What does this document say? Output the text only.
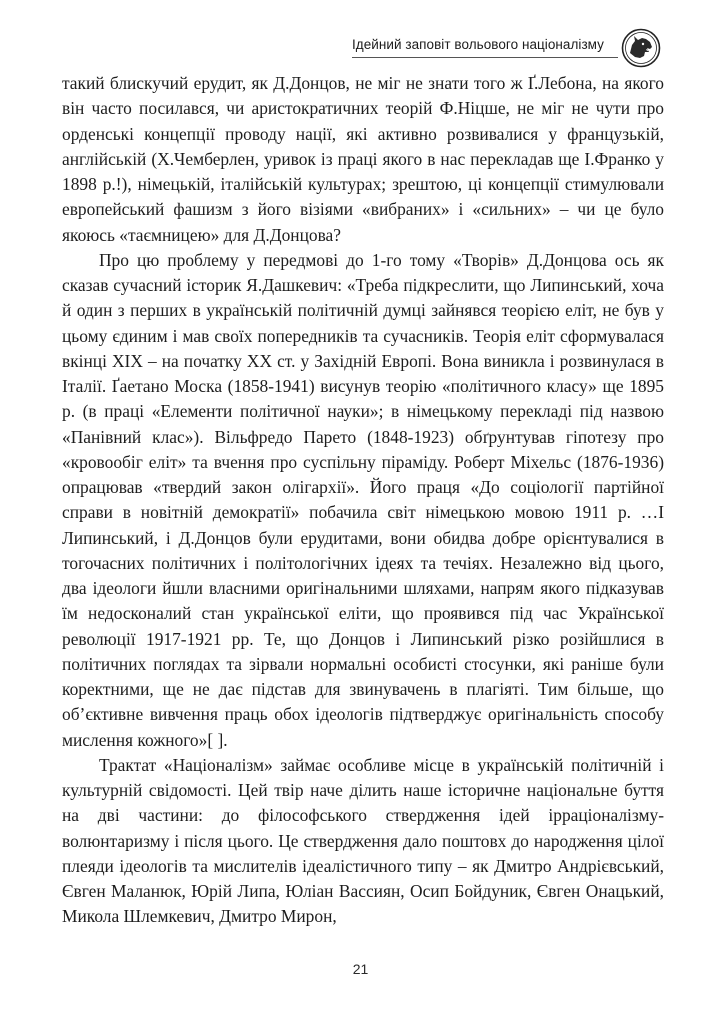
Ідейний заповіт вольового націоналізму

такий блискучий ерудит, як Д.Донцов, не міг не знати того ж Ґ.Лебона, на якого він часто посилався, чи аристократичних теорій Ф.Ніцше, не міг не чути про орденські концепції проводу нації, які активно розвивалися у французькій, англійській (Х.Чемберлен, уривок із праці якого в нас перекладав ще І.Франко у 1898 р.!), німецькій, італійській культурах; зрештою, ці концепції стимулювали европейський фашизм з його візіями «вибраних» і «сильних» – чи це було якоюсь «таємницею» для Д.Донцова?

Про цю проблему у передмові до 1-го тому «Творів» Д.Донцова ось як сказав сучасний історик Я.Дашкевич: «Треба підкреслити, що Липинський, хоча й один з перших в українській політичній думці зайнявся теорією еліт, не був у цьому єдиним і мав своїх попередників та сучасників. Теорія еліт сформувалася вкінці XIX – на початку XX ст. у Західній Европі. Вона виникла і розвинулася в Італії. Ґаетано Моска (1858-1941) висунув теорію «політичного класу» ще 1895 р. (в праці «Елементи політичної науки»; в німецькому перекладі під назвою «Панівний клас»). Вільфредо Парето (1848-1923) обґрунтував гіпотезу про «кровообіг еліт» та вчення про суспільну піраміду. Роберт Міхельс (1876-1936) опрацював «твердий закон олігархії». Його праця «До соціології партійної справи в новітній демократії» побачила світ німецькою мовою 1911 р. …І Липинський, і Д.Донцов були ерудитами, вони обидва добре орієнтувалися в тогочасних політичних і політологічних ідеях та течіях. Незалежно від цього, два ідеологи йшли власними оригінальними шляхами, напрям якого підказував їм недосконалий стан української еліти, що проявився під час Української революції 1917-1921 рр. Те, що Донцов і Липинський різко розійшлися в політичних поглядах та зірвали нормальні особисті стосунки, які раніше були коректними, ще не дає підстав для звинувачень в плагіяті. Тим більше, що об’єктивне вивчення праць обох ідеологів підтверджує оригінальність способу мислення кожного»[ ].

Трактат «Націоналізм» займає особливе місце в українській політичній і культурній свідомості. Цей твір наче ділить наше історичне національне буття на дві частини: до філософського ствердження ідей ірраціоналізму-волюнтаризму і після цього. Це ствердження дало поштовх до народження цілої плеяди ідеологів та мислителів ідеалістичного типу – як Дмитро Андрієвський, Євген Маланюк, Юрій Липа, Юліан Вассиян, Осип Бойдуник, Євген Онацький, Микола Шлемкевич, Дмитро Мирон,

21
